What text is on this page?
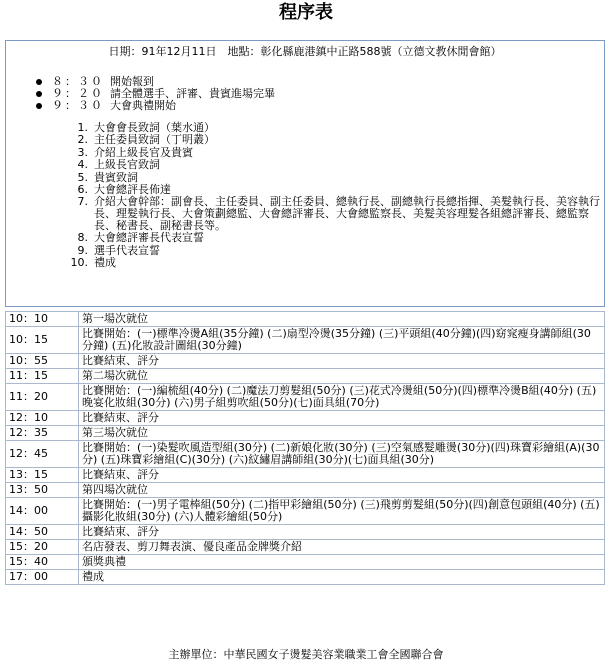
程序表
日期：91年12月11日　地點：彰化縣鹿港鎮中正路588號（立德文教休閒會館）
８：３０ 開始報到
９：２０ 請全體選手、評審、貴賓進場完畢
９：３０ 大會典禮開始
1. 大會會長致詞（葉水通）
2. 主任委員致詞（丁明叢）
3. 介紹上級長官及貴賓
4. 上級長官致詞
5. 貴賓致詞
6. 大會總評長佈達
7. 介紹大會幹部：副會長、主任委員、副主任委員、總執行長、副總執行長總指揮、美髮執行長、美容執行長、理髮執行長、大會策劃總監、大會總評審長、大會總監察長、美髮美容理髮各組總評審長、總監察長、秘書長、副秘書長等。
8. 大會總評審長代表宣誓
9. 選手代表宣誓
10. 禮成
10：10	第一場次就位
10：15	比賽開始：(一)標準冷燙A組(35分鐘) (二)扇型冷燙(35分鐘) (三)平頭組(40分鐘)(四)窈窕瘦身講師組(30分鐘) (五)化妝設計圖組(30分鐘)
10：55	比賽結束、評分
11：15	第二場次就位
11：20	比賽開始：(一)編梳組(40分) (二)魔法刀剪髮組(50分) (三)花式冷燙組(50分)(四)標準冷燙B組(40分) (五)晚宴化妝組(30分) (六)男子組剪吹組(50分)(七)面具組(70分)
12：10	比賽結束、評分
12：35	第三場次就位
12：45	比賽開始：(一)染髮吹風造型組(30分) (二)新娘化妝(30分) (三)空氣感髮雕燙(30分)(四)珠寶彩繪組(A)(30分) (五)珠寶彩繪組(C)(30分) (六)紋繡眉講師組(30分)(七)面具組(30分)
13：15	比賽結束、評分
13：50	第四場次就位
14：00	比賽開始：(一)男子電棒組(50分) (二)指甲彩繪組(50分) (三)飛剪剪髮組(50分)(四)創意包頭組(40分) (五)攝影化妝組(30分) (六)人體彩繪組(50分)
14：50	比賽結束、評分
15：20	名店發表、剪刀舞表演、優良產品金牌獎介紹
15：40	頒獎典禮
17：00	禮成
主辦單位：中華民國女子燙髮美容業職業工會全國聯合會
